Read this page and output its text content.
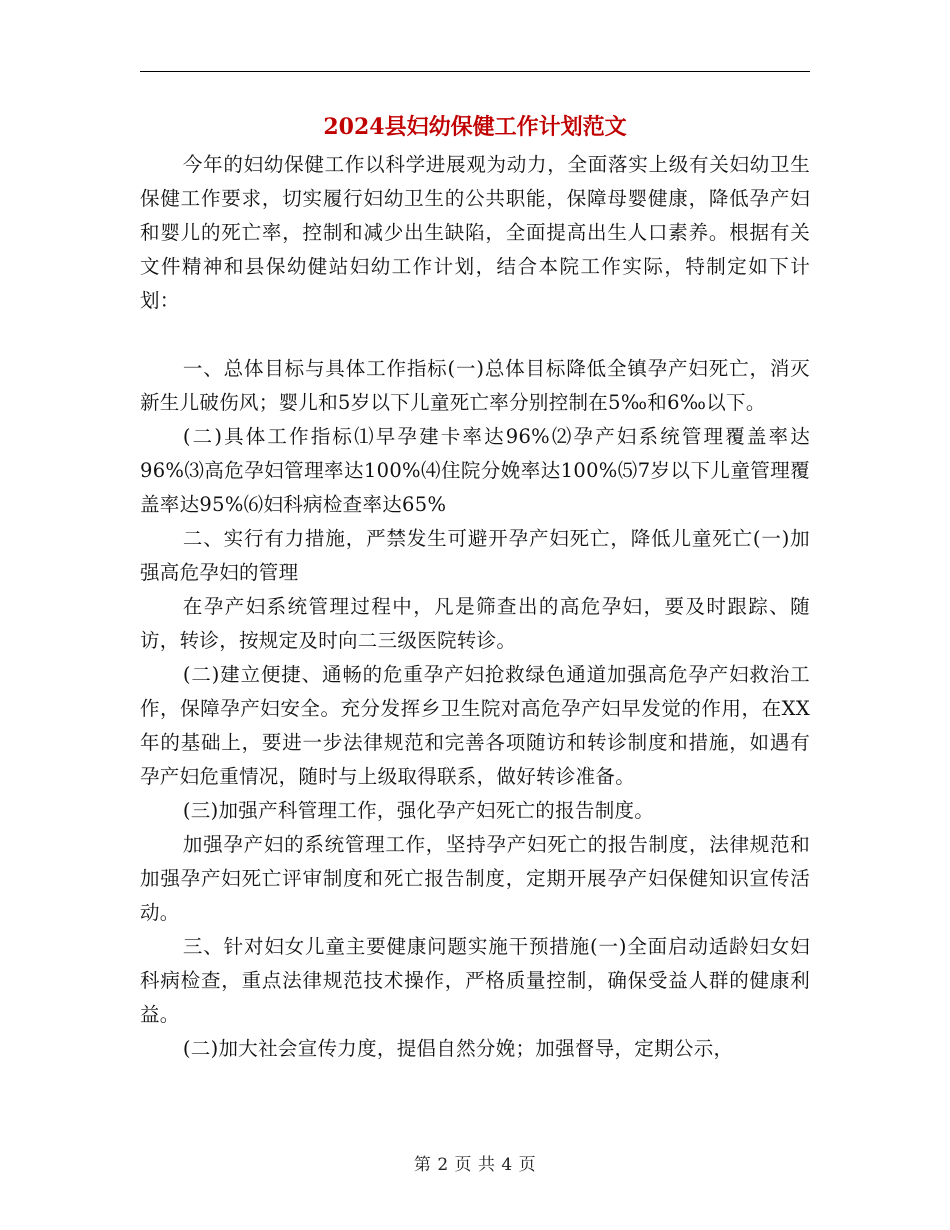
2024县妇幼保健工作计划范文

今年的妇幼保健工作以科学进展观为动力，全面落实上级有关妇幼卫生保健工作要求，切实履行妇幼卫生的公共职能，保障母婴健康，降低孕产妇和婴儿的死亡率，控制和减少出生缺陷，全面提高出生人口素养。根据有关文件精神和县保幼健站妇幼工作计划，结合本院工作实际，特制定如下计划：

一、总体目标与具体工作指标(一)总体目标降低全镇孕产妇死亡，消灭新生儿破伤风；婴儿和5岁以下儿童死亡率分别控制在5‰和6‰以下。

(二)具体工作指标⑴早孕建卡率达96%⑵孕产妇系统管理覆盖率达96%⑶高危孕妇管理率达100%⑷住院分娩率达100%⑸7岁以下儿童管理覆盖率达95%⑹妇科病检查率达65%

二、实行有力措施，严禁发生可避开孕产妇死亡，降低儿童死亡(一)加强高危孕妇的管理

在孕产妇系统管理过程中，凡是筛查出的高危孕妇，要及时跟踪、随访，转诊，按规定及时向二三级医院转诊。

(二)建立便捷、通畅的危重孕产妇抢救绿色通道加强高危孕产妇救治工作，保障孕产妇安全。充分发挥乡卫生院对高危孕产妇早发觉的作用，在XX年的基础上，要进一步法律规范和完善各项随访和转诊制度和措施，如遇有孕产妇危重情况，随时与上级取得联系，做好转诊准备。

(三)加强产科管理工作，强化孕产妇死亡的报告制度。

加强孕产妇的系统管理工作，坚持孕产妇死亡的报告制度，法律规范和加强孕产妇死亡评审制度和死亡报告制度，定期开展孕产妇保健知识宣传活动。

三、针对妇女儿童主要健康问题实施干预措施(一)全面启动适龄妇女妇科病检查，重点法律规范技术操作，严格质量控制，确保受益人群的健康利益。

(二)加大社会宣传力度，提倡自然分娩；加强督导，定期公示，

第 2 页 共 4 页
